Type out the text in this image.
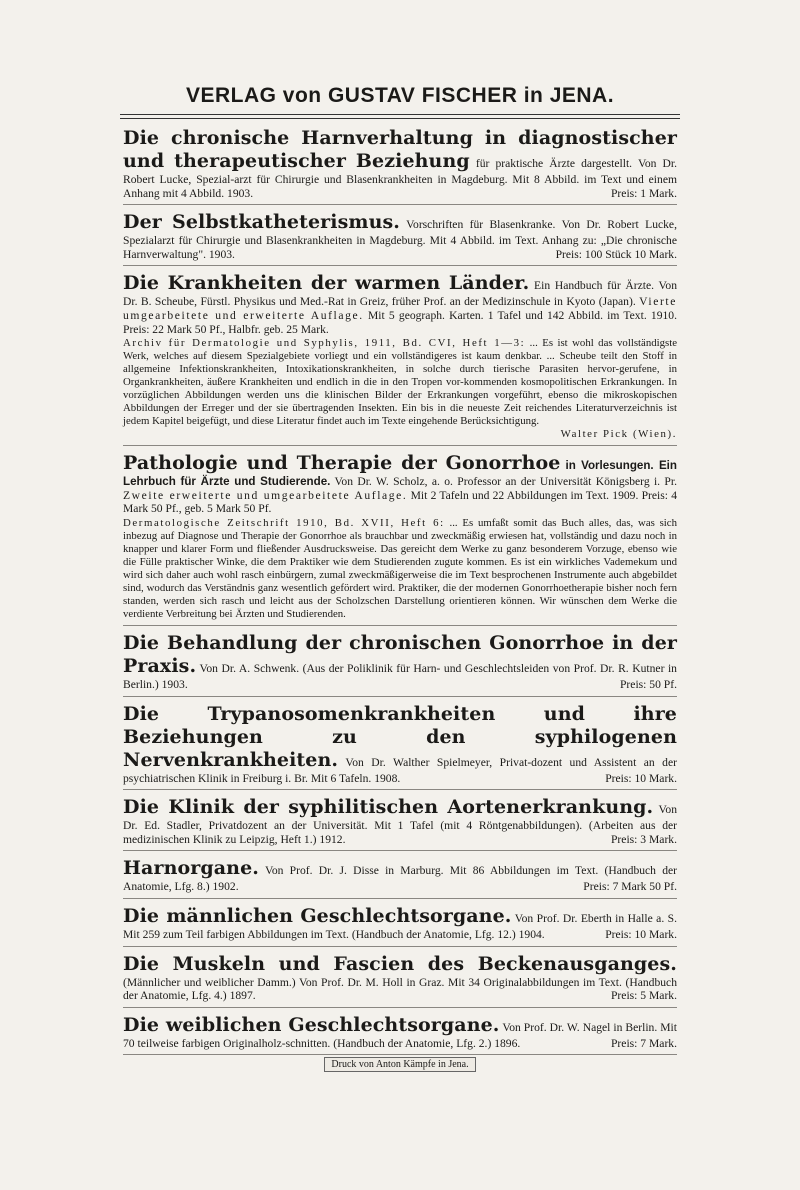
VERLAG von GUSTAV FISCHER in JENA.
Die chronische Harnverhaltung in diagnostischer und therapeutischer Beziehung für praktische Ärzte dargestellt. Von Dr. Robert Lucke, Spezial-arzt für Chirurgie und Blasenkrankheiten in Magdeburg. Mit 8 Abbild. im Text und einem Anhang mit 4 Abbild. 1903.	Preis: 1 Mark.
Der Selbstkatheterismus. Vorschriften für Blasenkranke. Von Dr. Robert Lucke, Spezialarzt für Chirurgie und Blasenkrankheiten in Magdeburg. Mit 4 Abbild. im Text. Anhang zu: „Die chronische Harnverwaltung". 1903.	Preis: 100 Stück 10 Mark.
Die Krankheiten der warmen Länder. Ein Handbuch für Ärzte. Von Dr. B. Scheube, Fürstl. Physikus und Med.-Rat in Greiz, früher Prof. an der Medizinschule in Kyoto (Japan). Vierte umgearbeitete und erweiterte Auflage. Mit 5 geograph. Karten. 1 Tafel und 142 Abbild. im Text. 1910. Preis: 22 Mark 50 Pf., Halbfr. geb. 25 Mark.
Archiv für Dermatologie und Syphylis, 1911, Bd. CVI, Heft 1—3: ... Es ist wohl das vollständigste Werk, welches auf diesem Spezialgebiete vorliegt und ein vollständigeres ist kaum denkbar. ... Scheube teilt den Stoff in allgemeine Infektionskrankheiten, Intoxikationskrankheiten, in solche durch tierische Parasiten hervor-gerufene, in Organkrankheiten, äußere Krankheiten und endlich in die in den Tropen vor-kommenden kosmopolitischen Erkrankungen. In vorzüglichen Abbildungen werden uns die klinischen Bilder der Erkrankungen vorgeführt, ebenso die mikroskopischen Abbildungen der Erreger und der sie übertragenden Insekten. Ein bis in die neueste Zeit reichendes Literaturverzeichnis ist jedem Kapitel beigefügt, und diese Literatur findet auch im Texte eingehende Berücksichtigung.
Walter Pick (Wien).
Pathologie und Therapie der Gonorrhoe in Vorlesungen. Ein Lehrbuch für Ärzte und Studierende. Von Dr. W. Scholz, a. o. Professor an der Universität Königsberg i. Pr. Zweite erweiterte und umgearbeitete Auflage. Mit 2 Tafeln und 22 Abbildungen im Text. 1909. Preis: 4 Mark 50 Pf., geb. 5 Mark 50 Pf.
Dermatologische Zeitschrift 1910, Bd. XVII, Heft 6: ... Es umfaßt somit das Buch alles, das, was sich inbezug auf Diagnose und Therapie der Gonorrhoe als brauchbar und zweckmäßig erwiesen hat, vollständig und dazu noch in knapper und klarer Form und fließender Ausdrucksweise. Das gereicht dem Werke zu ganz besonderem Vorzuge, ebenso wie die Fülle praktischer Winke, die dem Praktiker wie dem Studierenden zugute kommen. Es ist ein wirkliches Vademekum und wird sich daher auch wohl rasch einbürgern, zumal zweckmäßigerweise die im Text besprochenen Instrumente auch abgebildet sind, wodurch das Verständnis ganz wesentlich gefördert wird. Praktiker, die der modernen Gonorrhoetherapie bisher noch fern standen, werden sich rasch und leicht aus der Scholzschen Darstellung orientieren können. Wir wünschen dem Werke die verdiente Verbreitung bei Ärzten und Studierenden.
Die Behandlung der chronischen Gonorrhoe in der Praxis. Von Dr. A. Schwenk. (Aus der Poliklinik für Harn- und Geschlechtsleiden von Prof. Dr. R. Kutner in Berlin.) 1903.	Preis: 50 Pf.
Die Trypanosomenkrankheiten und ihre Beziehungen zu den syphilogenen Nervenkrankheiten. Von Dr. Walther Spielmeyer, Privat-dozent und Assistent an der psychiatrischen Klinik in Freiburg i. Br. Mit 6 Tafeln. 1908.	Preis: 10 Mark.
Die Klinik der syphilitischen Aortenerkrankung. Von Dr. Ed. Stadler, Privatdozent an der Universität. Mit 1 Tafel (mit 4 Röntgenabbildungen). (Arbeiten aus der medizinischen Klinik zu Leipzig, Heft 1.) 1912.	Preis: 3 Mark.
Harnorgane. Von Prof. Dr. J. Disse in Marburg. Mit 86 Abbildungen im Text. (Handbuch der Anatomie, Lfg. 8.) 1902.	Preis: 7 Mark 50 Pf.
Die männlichen Geschlechtsorgane. Von Prof. Dr. Eberth in Halle a. S. Mit 259 zum Teil farbigen Abbildungen im Text. (Handbuch der Anatomie, Lfg. 12.) 1904.	Preis: 10 Mark.
Die Muskeln und Fascien des Beckenausganges. (Männlicher und weiblicher Damm.) Von Prof. Dr. M. Holl in Graz. Mit 34 Originalabbildungen im Text. (Handbuch der Anatomie, Lfg. 4.) 1897.	Preis: 5 Mark.
Die weiblichen Geschlechtsorgane. Von Prof. Dr. W. Nagel in Berlin. Mit 70 teilweise farbigen Originalholz-schnitten. (Handbuch der Anatomie, Lfg. 2.) 1896.	Preis: 7 Mark.
Druck von Anton Kämpfe in Jena.
